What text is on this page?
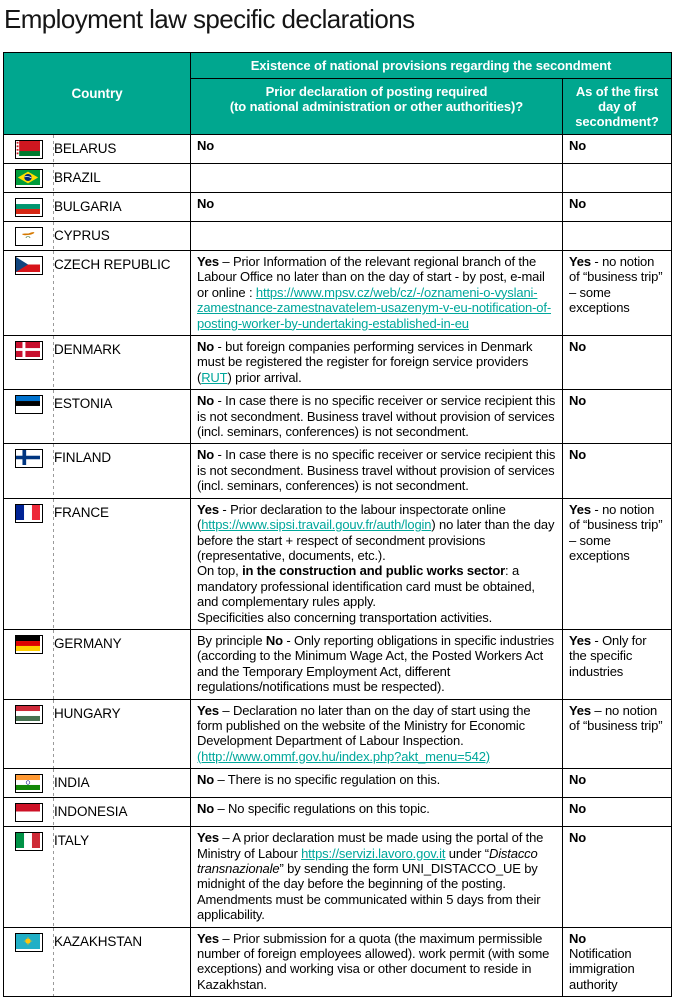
Employment law specific declarations
Country	Existence of national provisions regarding the secondment	
	Prior declaration of posting required
(to national administration or other authorities)?	As of the first day of secondment?

BELARUS	No	No

BRAZIL		

BULGARIA	No	No

CYPRUS		

CZECH REPUBLIC	Yes – Prior Information of the relevant regional branch of the Labour Office no later than on the day of start - by post, e-mail or online : https://www.mpsv.cz/web/cz/-/oznameni-o-vyslani-zamestnance-zamestnavatelem-usazenym-v-eu-notification-of-posting-worker-by-undertaking-established-in-eu	Yes - no notion of “business trip” – some exceptions

DENMARK	No - but foreign companies performing services in Denmark must be registered the register for foreign service providers (RUT) prior arrival.	No

ESTONIA	No - In case there is no specific receiver or service recipient this is not secondment. Business travel without provision of services (incl. seminars, conferences) is not secondment.	No

FINLAND	No - In case there is no specific receiver or service recipient this is not secondment. Business travel without provision of services (incl. seminars, conferences) is not secondment.	No

FRANCE	Yes - Prior declaration to the labour inspectorate online (https://www.sipsi.travail.gouv.fr/auth/login) no later than the day before the start + respect of secondment provisions (representative, documents, etc.).
On top, in the construction and public works sector: a mandatory professional identification card must be obtained, and complementary rules apply.
Specificities also concerning transportation activities.	Yes - no notion of “business trip” – some exceptions

GERMANY	By principle No - Only reporting obligations in specific industries (according to the Minimum Wage Act, the Posted Workers Act and the Temporary Employment Act, different regulations/notifications must be respected).	Yes - Only for the specific industries

HUNGARY	Yes – Declaration no later than on the day of start using the form published on the website of the Ministry for Economic Development Department of Labour Inspection.
(http://www.ommf.gov.hu/index.php?akt_menu=542)	Yes – no notion of “business trip”

INDIA	No – There is no specific regulation on this.	No

INDONESIA	No – No specific regulations on this topic.	No

ITALY	Yes – A prior declaration must be made using the portal of the Ministry of Labour https://servizi.lavoro.gov.it under “Distacco transnazionale” by sending the form UNI_DISTACCO_UE by midnight of the day before the beginning of the posting. Amendments must be communicated within 5 days from their applicability.	No

KAZAKHSTAN	Yes – Prior submission for a quota (the maximum permissible number of foreign employees allowed). work permit (with some exceptions) and working visa or other document to reside in Kazakhstan.	No
Notification immigration authority
